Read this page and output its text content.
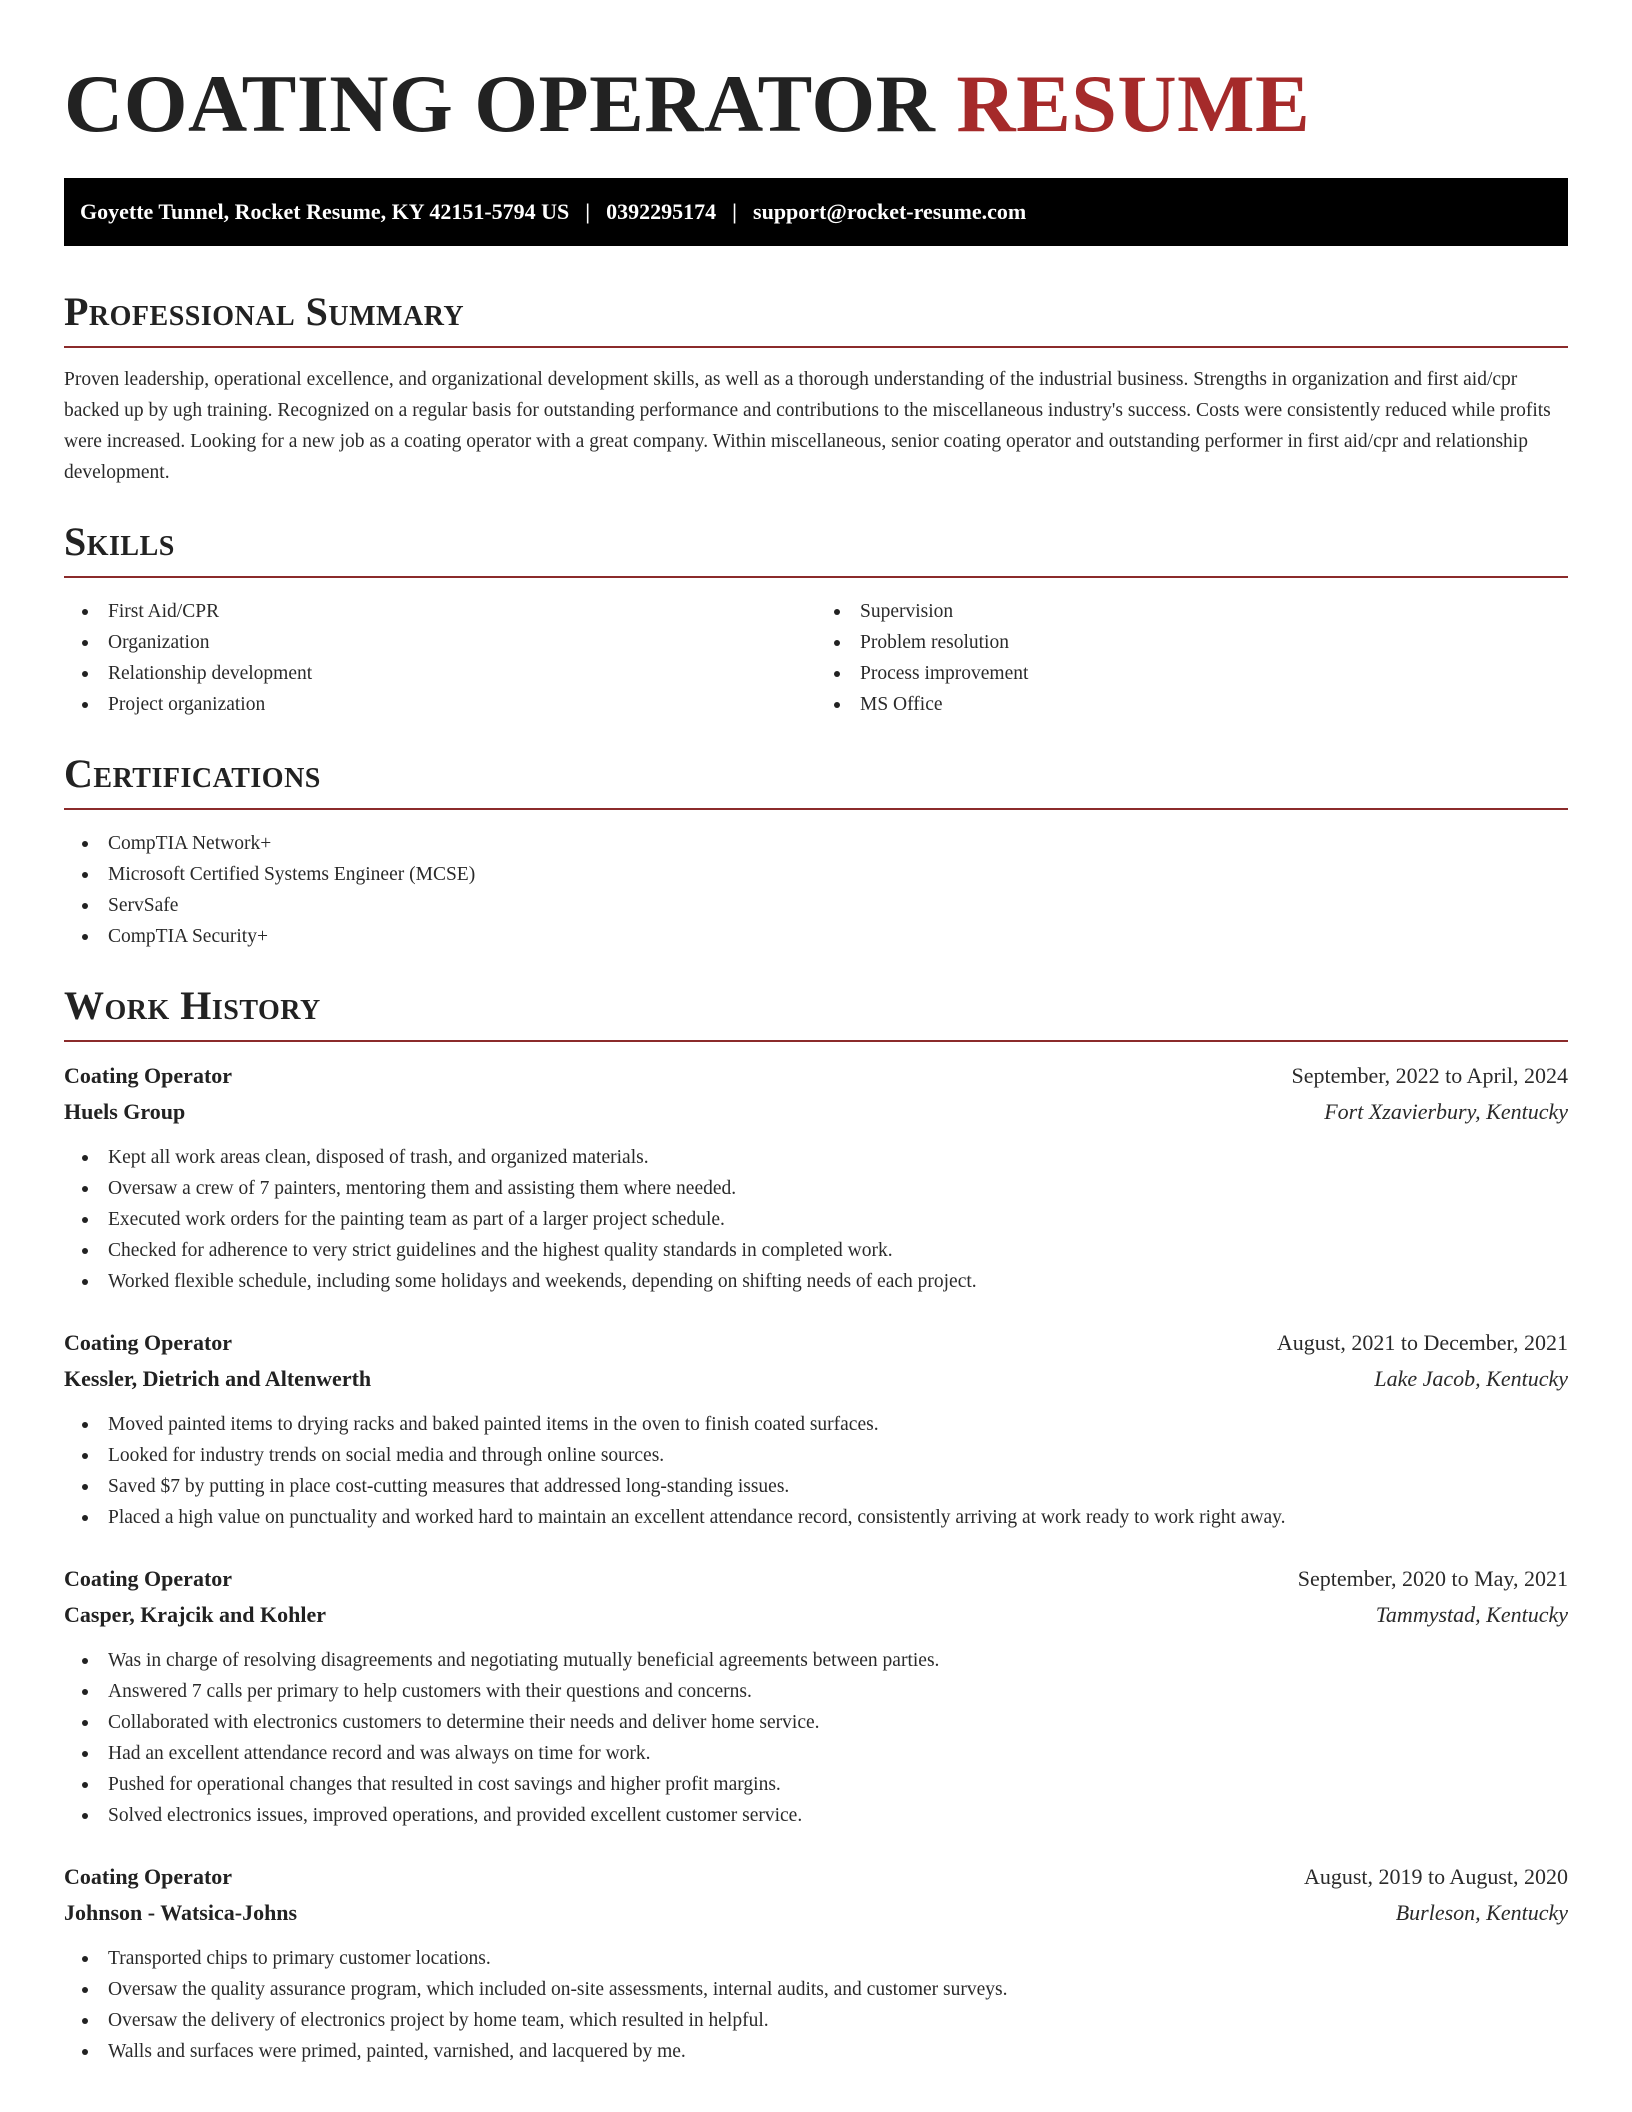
COATING OPERATOR RESUME
Goyette Tunnel, Rocket Resume, KY 42151-5794 US | 0392295174 | support@rocket-resume.com
Professional Summary

Proven leadership, operational excellence, and organizational development skills, as well as a thorough understanding of the industrial business. Strengths in organization and first aid/cpr backed up by ugh training. Recognized on a regular basis for outstanding performance and contributions to the miscellaneous industry's success. Costs were consistently reduced while profits were increased. Looking for a new job as a coating operator with a great company. Within miscellaneous, senior coating operator and outstanding performer in first aid/cpr and relationship development.

Skills
First Aid/CPR
Organization
Relationship development
Project organization
Supervision
Problem resolution
Process improvement
MS Office
Certifications
CompTIA Network+
Microsoft Certified Systems Engineer (MCSE)
ServSafe
CompTIA Security+
Work History
Coating Operator	September, 2022 to April, 2024
Huels Group	Fort Xzavierbury, Kentucky
Kept all work areas clean, disposed of trash, and organized materials.
Oversaw a crew of 7 painters, mentoring them and assisting them where needed.
Executed work orders for the painting team as part of a larger project schedule.
Checked for adherence to very strict guidelines and the highest quality standards in completed work.
Worked flexible schedule, including some holidays and weekends, depending on shifting needs of each project.
Coating Operator	August, 2021 to December, 2021
Kessler, Dietrich and Altenwerth	Lake Jacob, Kentucky
Moved painted items to drying racks and baked painted items in the oven to finish coated surfaces.
Looked for industry trends on social media and through online sources.
Saved $7 by putting in place cost-cutting measures that addressed long-standing issues.
Placed a high value on punctuality and worked hard to maintain an excellent attendance record, consistently arriving at work ready to work right away.
Coating Operator	September, 2020 to May, 2021
Casper, Krajcik and Kohler	Tammystad, Kentucky
Was in charge of resolving disagreements and negotiating mutually beneficial agreements between parties.
Answered 7 calls per primary to help customers with their questions and concerns.
Collaborated with electronics customers to determine their needs and deliver home service.
Had an excellent attendance record and was always on time for work.
Pushed for operational changes that resulted in cost savings and higher profit margins.
Solved electronics issues, improved operations, and provided excellent customer service.
Coating Operator	August, 2019 to August, 2020
Johnson - Watsica-Johns	Burleson, Kentucky
Transported chips to primary customer locations.
Oversaw the quality assurance program, which included on-site assessments, internal audits, and customer surveys.
Oversaw the delivery of electronics project by home team, which resulted in helpful.
Walls and surfaces were primed, painted, varnished, and lacquered by me.
